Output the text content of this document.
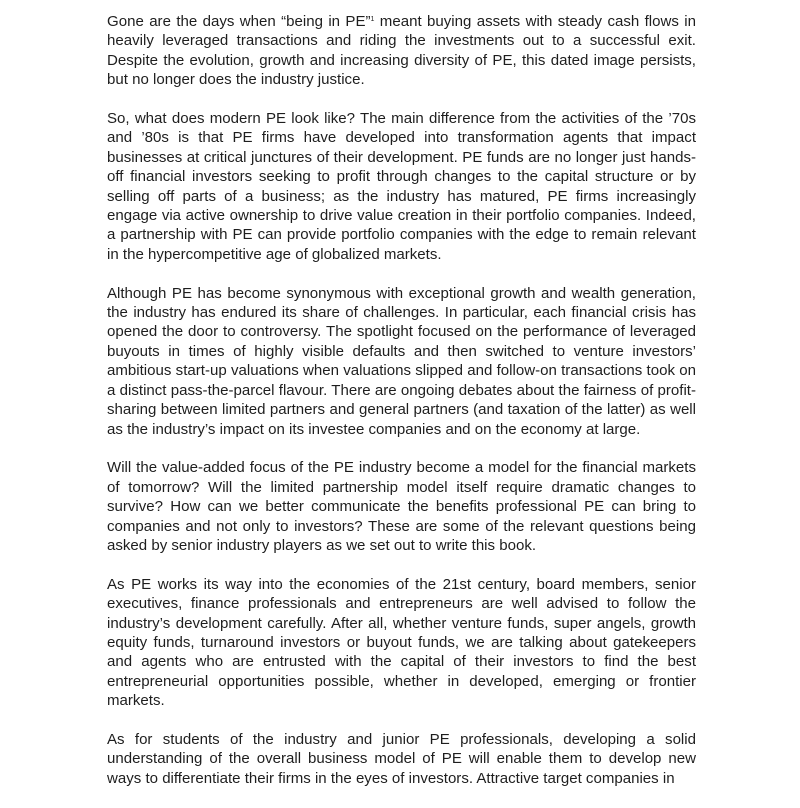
Gone are the days when “being in PE”$^1$ meant buying assets with steady cash flows in heavily leveraged transactions and riding the investments out to a successful exit. Despite the evolution, growth and increasing diversity of PE, this dated image persists, but no longer does the industry justice.

So, what does modern PE look like? The main difference from the activities of the ’70s and ’80s is that PE firms have developed into transformation agents that impact businesses at critical junctures of their development. PE funds are no longer just hands-off financial investors seeking to profit through changes to the capital structure or by selling off parts of a business; as the industry has matured, PE firms increasingly engage via active ownership to drive value creation in their portfolio companies. Indeed, a partnership with PE can provide portfolio companies with the edge to remain relevant in the hypercompetitive age of globalized markets.

Although PE has become synonymous with exceptional growth and wealth generation, the industry has endured its share of challenges. In particular, each financial crisis has opened the door to controversy. The spotlight focused on the performance of leveraged buyouts in times of highly visible defaults and then switched to venture investors’ ambitious start-up valuations when valuations slipped and follow-on transactions took on a distinct pass-the-parcel flavour. There are ongoing debates about the fairness of profit-sharing between limited partners and general partners (and taxation of the latter) as well as the industry’s impact on its investee companies and on the economy at large.

Will the value-added focus of the PE industry become a model for the financial markets of tomorrow? Will the limited partnership model itself require dramatic changes to survive? How can we better communicate the benefits professional PE can bring to companies and not only to investors? These are some of the relevant questions being asked by senior industry players as we set out to write this book.

As PE works its way into the economies of the 21st century, board members, senior executives, finance professionals and entrepreneurs are well advised to follow the industry’s development carefully. After all, whether venture funds, super angels, growth equity funds, turnaround investors or buyout funds, we are talking about gatekeepers and agents who are entrusted with the capital of their investors to find the best entrepreneurial opportunities possible, whether in developed, emerging or frontier markets.

As for students of the industry and junior PE professionals, developing a solid understanding of the overall business model of PE will enable them to develop new ways to differentiate their firms in the eyes of investors. Attractive target companies in
